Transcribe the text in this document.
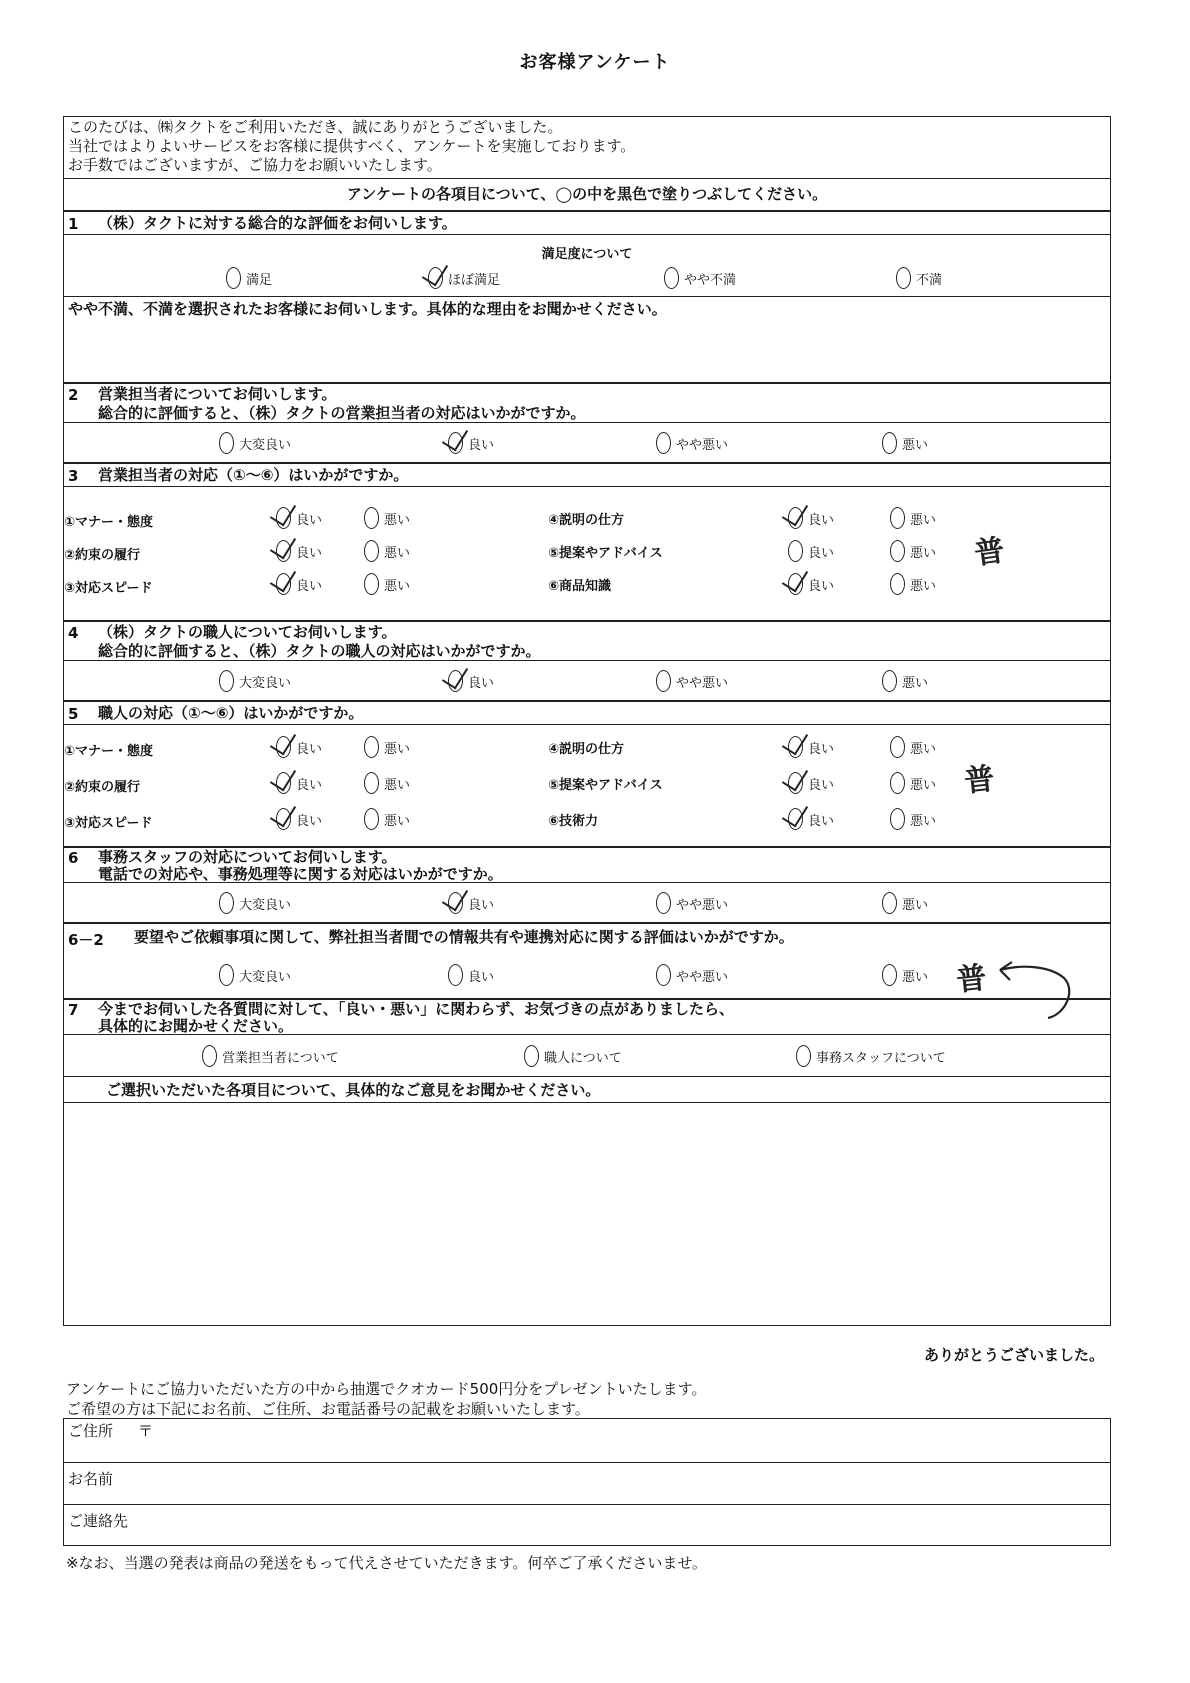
お客様アンケート
このたびは、㈱タクトをご利用いただき、誠にありがとうございました。
当社ではよりよいサービスをお客様に提供すべく、アンケートを実施しております。
お手数ではございますが、ご協力をお願いいたします。
アンケートの各項目について、◯の中を黒色で塗りつぶしてください。
1 （株）タクトに対する総合的な評価をお伺いします。
満足度について
満足	ほぼ満足	やや不満	不満
やや不満、不満を選択されたお客様にお伺いします。具体的な理由をお聞かせください。
2 営業担当者についてお伺いします。
総合的に評価すると、（株）タクトの営業担当者の対応はいかがですか。
大変良い	良い	やや悪い	悪い
3 営業担当者の対応（①〜⑥）はいかがですか。
①マナー・態度	良い	悪い
②約束の履行	良い	悪い
③対応スピード	良い	悪い
④説明の仕方	良い	悪い
⑤提案やアドバイス	良い	悪い
⑥商品知識	良い	悪い
普
4 （株）タクトの職人についてお伺いします。
総合的に評価すると、（株）タクトの職人の対応はいかがですか。
大変良い	良い	やや悪い	悪い
5 職人の対応（①〜⑥）はいかがですか。
①マナー・態度	良い	悪い
②約束の履行	良い	悪い
③対応スピード	良い	悪い
④説明の仕方	良い	悪い
⑤提案やアドバイス	良い	悪い
⑥技術力	良い	悪い
普
6 事務スタッフの対応についてお伺いします。
電話での対応や、事務処理等に関する対応はいかがですか。
大変良い	良い	やや悪い	悪い
6－2 要望やご依頼事項に関して、弊社担当者間での情報共有や連携対応に関する評価はいかがですか。
大変良い	良い	やや悪い	悪い 普
7 今までお伺いした各質問に対して、「良い・悪い」に関わらず、お気づきの点がありましたら、
具体的にお聞かせください。
営業担当者について	職人について	事務スタッフについて
ご選択いただいた各項目について、具体的なご意見をお聞かせください。
ありがとうございました。
アンケートにご協力いただいた方の中から抽選でクオカード500円分をプレゼントいたします。
ご希望の方は下記にお名前、ご住所、お電話番号の記載をお願いいたします。
ご住所 〒
お名前
ご連絡先
※なお、当選の発表は商品の発送をもって代えさせていただきます。何卒ご了承くださいませ。
